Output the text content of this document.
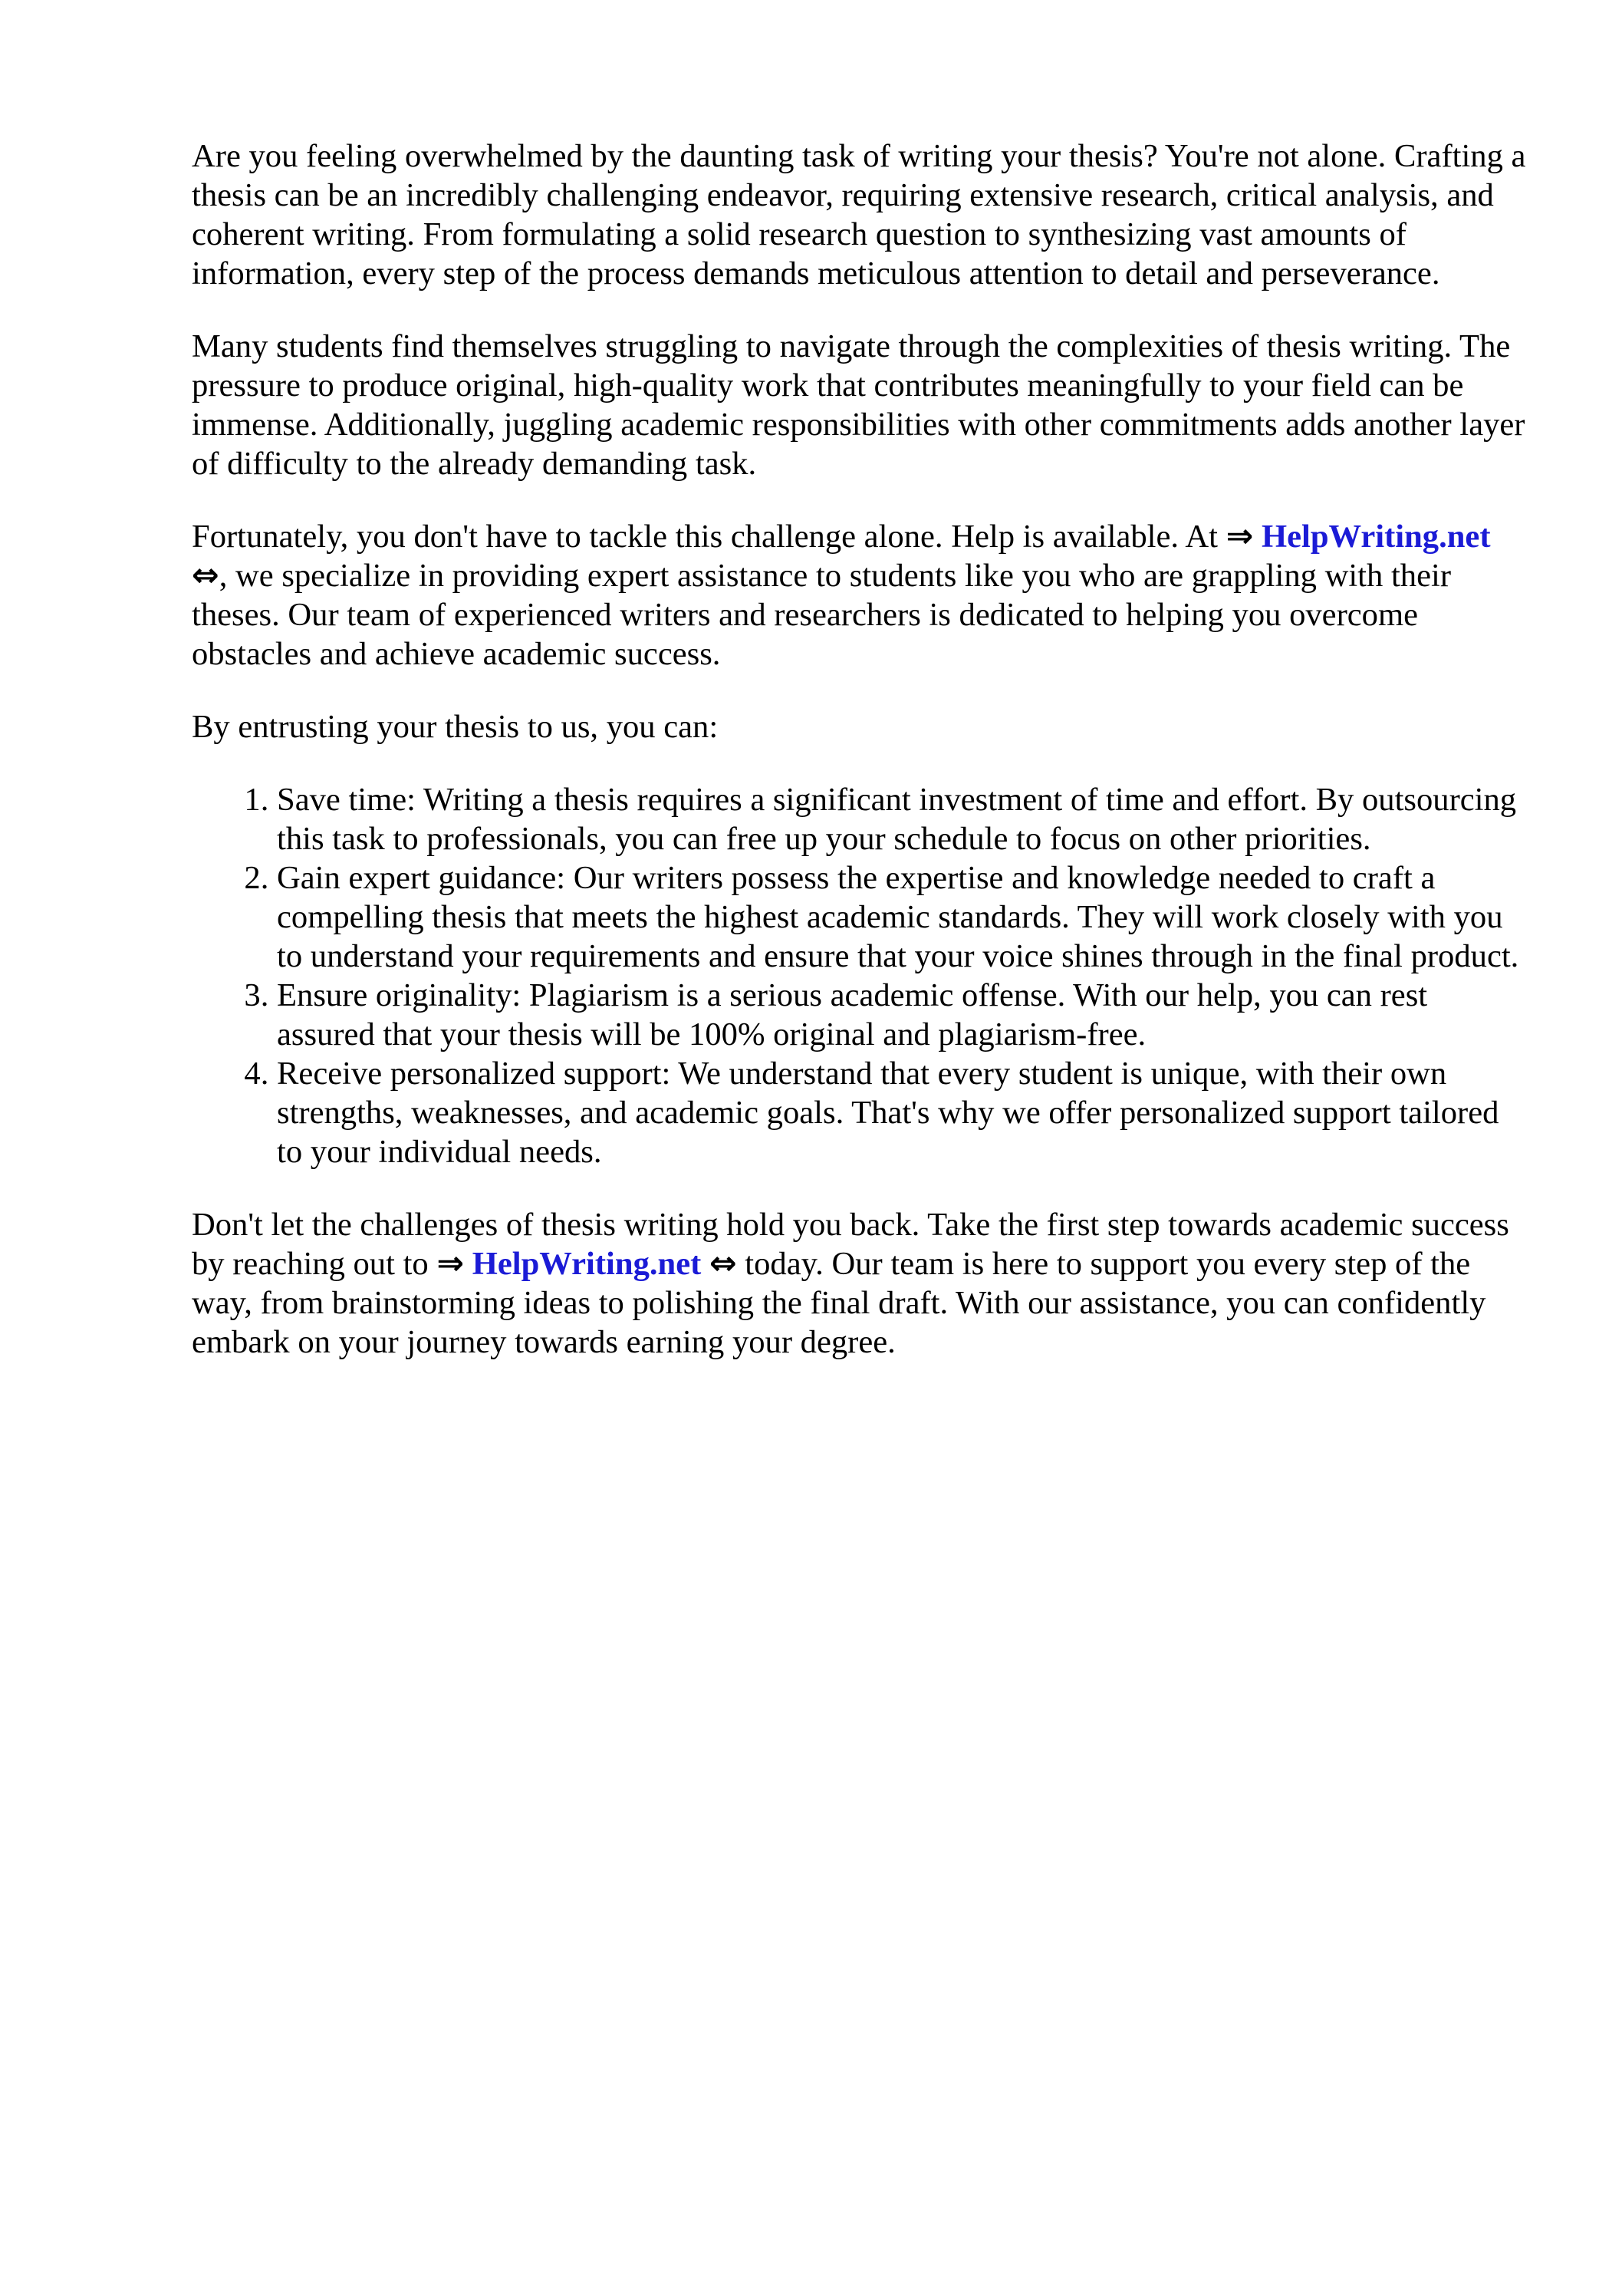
Are you feeling overwhelmed by the daunting task of writing your thesis? You're not alone. Crafting a thesis can be an incredibly challenging endeavor, requiring extensive research, critical analysis, and coherent writing. From formulating a solid research question to synthesizing vast amounts of information, every step of the process demands meticulous attention to detail and perseverance.

Many students find themselves struggling to navigate through the complexities of thesis writing. The pressure to produce original, high-quality work that contributes meaningfully to your field can be immense. Additionally, juggling academic responsibilities with other commitments adds another layer of difficulty to the already demanding task.

Fortunately, you don't have to tackle this challenge alone. Help is available. At ⇒ HelpWriting.net ⇔, we specialize in providing expert assistance to students like you who are grappling with their theses. Our team of experienced writers and researchers is dedicated to helping you overcome obstacles and achieve academic success.

By entrusting your thesis to us, you can:

1. Save time: Writing a thesis requires a significant investment of time and effort. By outsourcing this task to professionals, you can free up your schedule to focus on other priorities.
2. Gain expert guidance: Our writers possess the expertise and knowledge needed to craft a compelling thesis that meets the highest academic standards. They will work closely with you to understand your requirements and ensure that your voice shines through in the final product.
3. Ensure originality: Plagiarism is a serious academic offense. With our help, you can rest assured that your thesis will be 100% original and plagiarism-free.
4. Receive personalized support: We understand that every student is unique, with their own strengths, weaknesses, and academic goals. That's why we offer personalized support tailored to your individual needs.

Don't let the challenges of thesis writing hold you back. Take the first step towards academic success by reaching out to ⇒ HelpWriting.net ⇔ today. Our team is here to support you every step of the way, from brainstorming ideas to polishing the final draft. With our assistance, you can confidently embark on your journey towards earning your degree.
